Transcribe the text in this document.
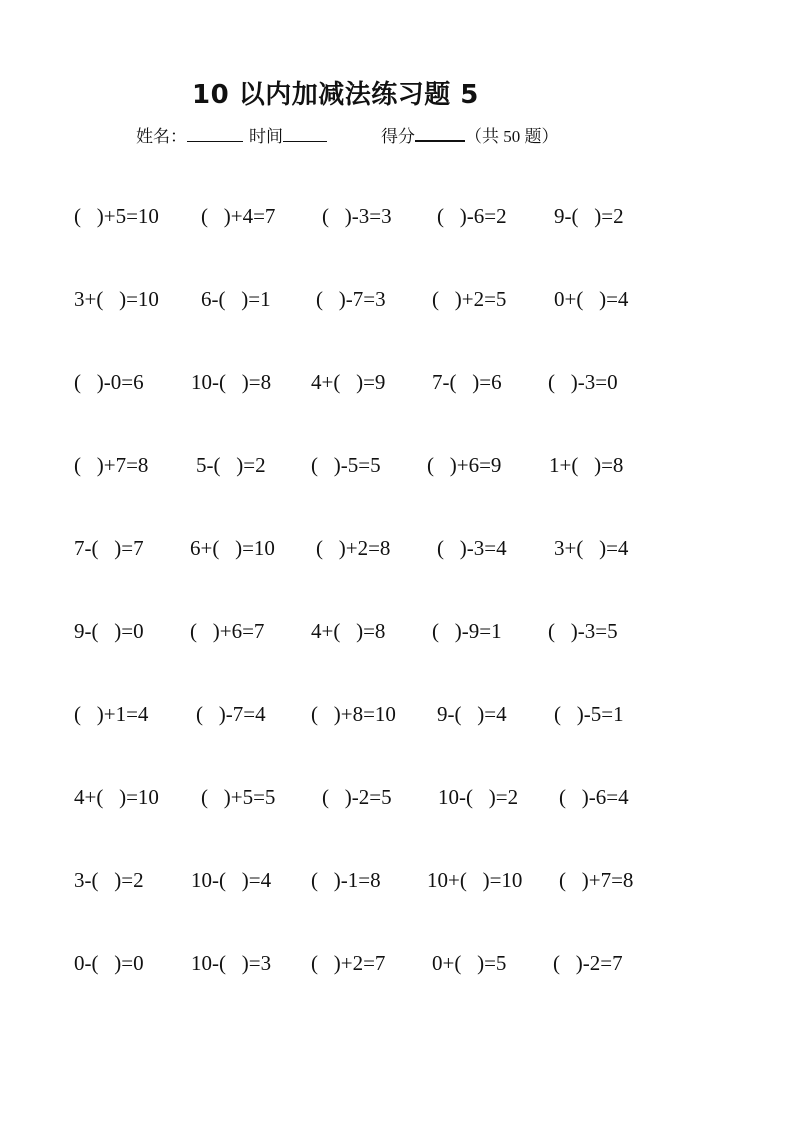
10 以内加减法练习题 5
姓名：	时间	得分	（共 50 题）
(   )+5=10 (   )+4=7 (   )-3=3 (   )-6=2 9-(   )=2
3+(   )=10 6-(   )=1 (   )-7=3 (   )+2=5 0+(   )=4
(   )-0=6 10-(   )=8 4+(   )=9 7-(   )=6 (   )-3=0
(   )+7=8 5-(   )=2 (   )-5=5 (   )+6=9 1+(   )=8
7-(   )=7 6+(   )=10 (   )+2=8 (   )-3=4 3+(   )=4
9-(   )=0 (   )+6=7 4+(   )=8 (   )-9=1 (   )-3=5
(   )+1=4 (   )-7=4 (   )+8=10 9-(   )=4 (   )-5=1
4+(   )=10 (   )+5=5 (   )-2=5 10-(   )=2 (   )-6=4
3-(   )=2 10-(   )=4 (   )-1=8 10+(   )=10 (   )+7=8
0-(   )=0 10-(   )=3 (   )+2=7 0+(   )=5 (   )-2=7
